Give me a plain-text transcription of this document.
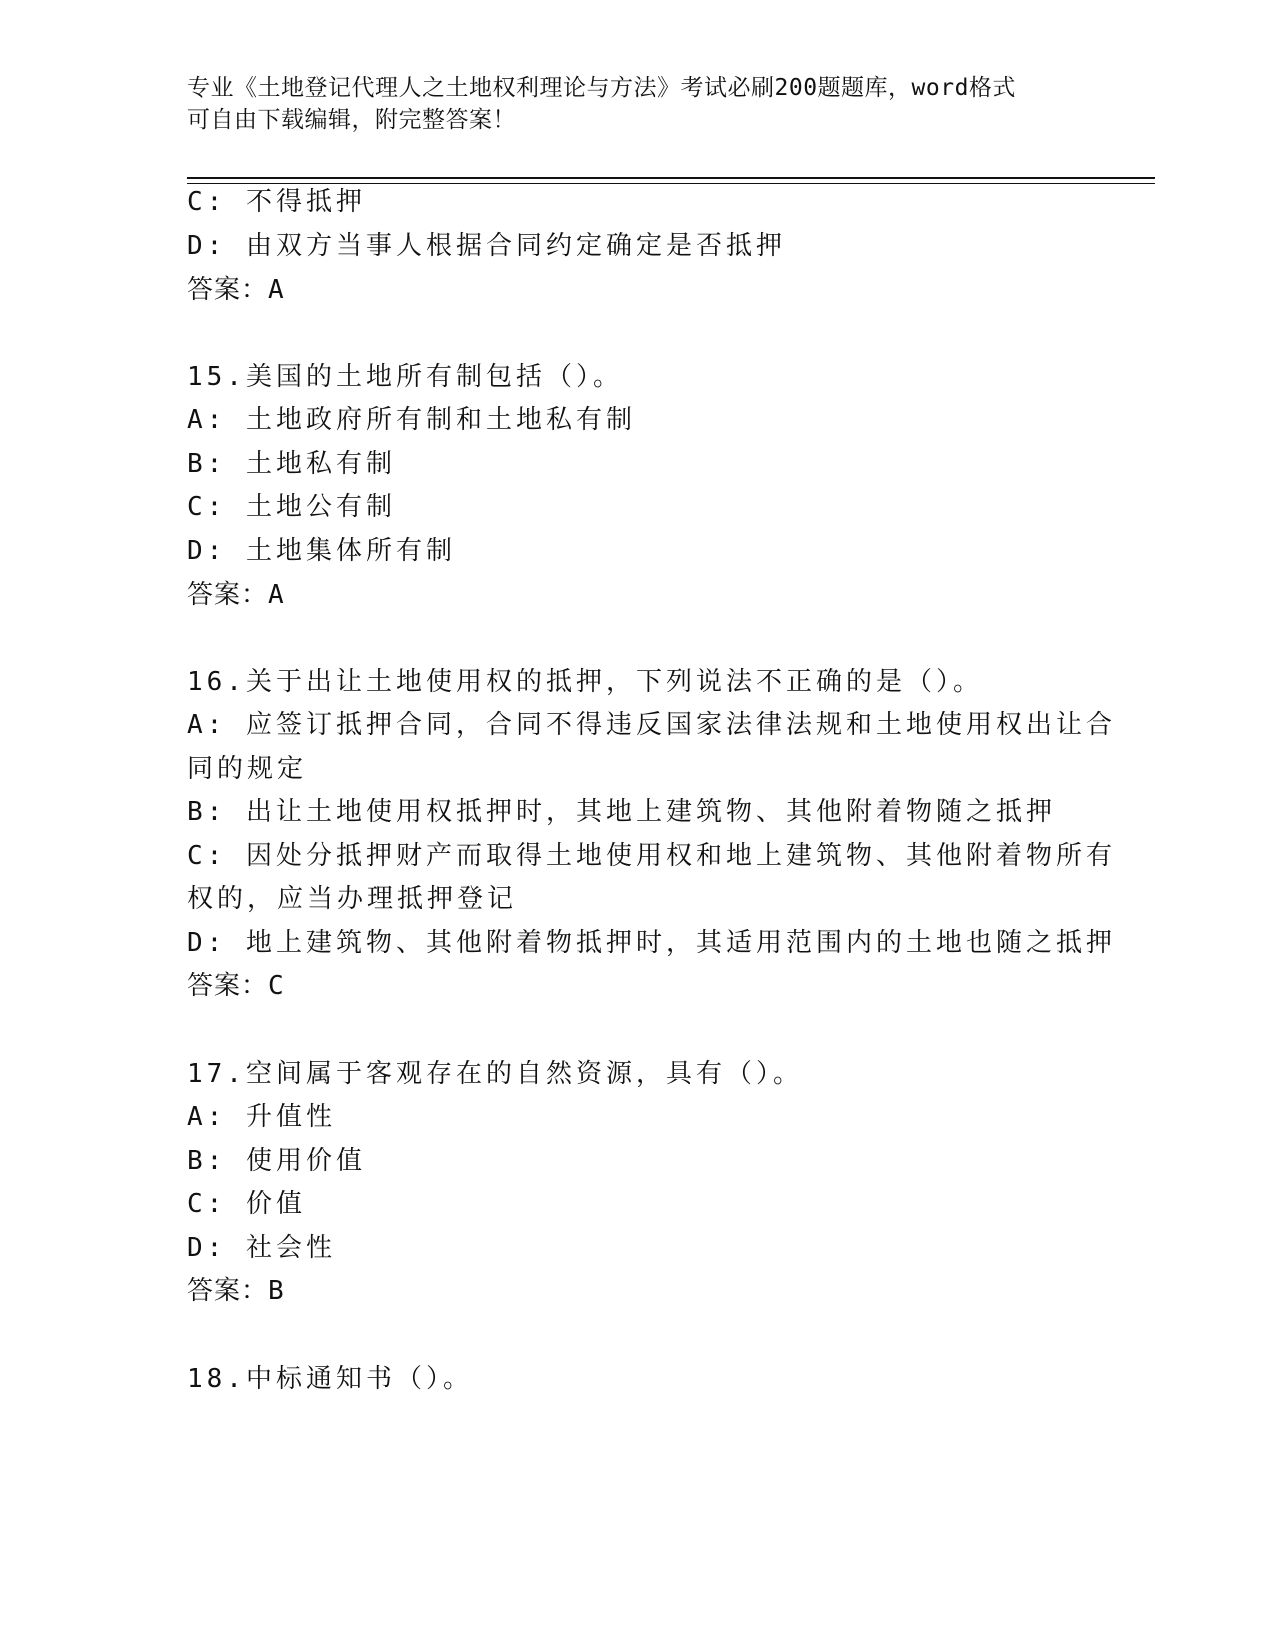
专业《土地登记代理人之土地权利理论与方法》考试必刷200题题库，word格式
可自由下载编辑，附完整答案！
C: 不得抵押
D: 由双方当事人根据合同约定确定是否抵押
答案：A
15.美国的土地所有制包括（）。
A: 土地政府所有制和土地私有制
B: 土地私有制
C: 土地公有制
D: 土地集体所有制
答案：A
16.关于出让土地使用权的抵押，下列说法不正确的是（）。
A: 应签订抵押合同，合同不得违反国家法律法规和土地使用权出让合
同的规定
B: 出让土地使用权抵押时，其地上建筑物、其他附着物随之抵押
C: 因处分抵押财产而取得土地使用权和地上建筑物、其他附着物所有
权的，应当办理抵押登记
D: 地上建筑物、其他附着物抵押时，其适用范围内的土地也随之抵押
答案：C
17.空间属于客观存在的自然资源，具有（）。
A: 升值性
B: 使用价值
C: 价值
D: 社会性
答案：B
18.中标通知书（）。
